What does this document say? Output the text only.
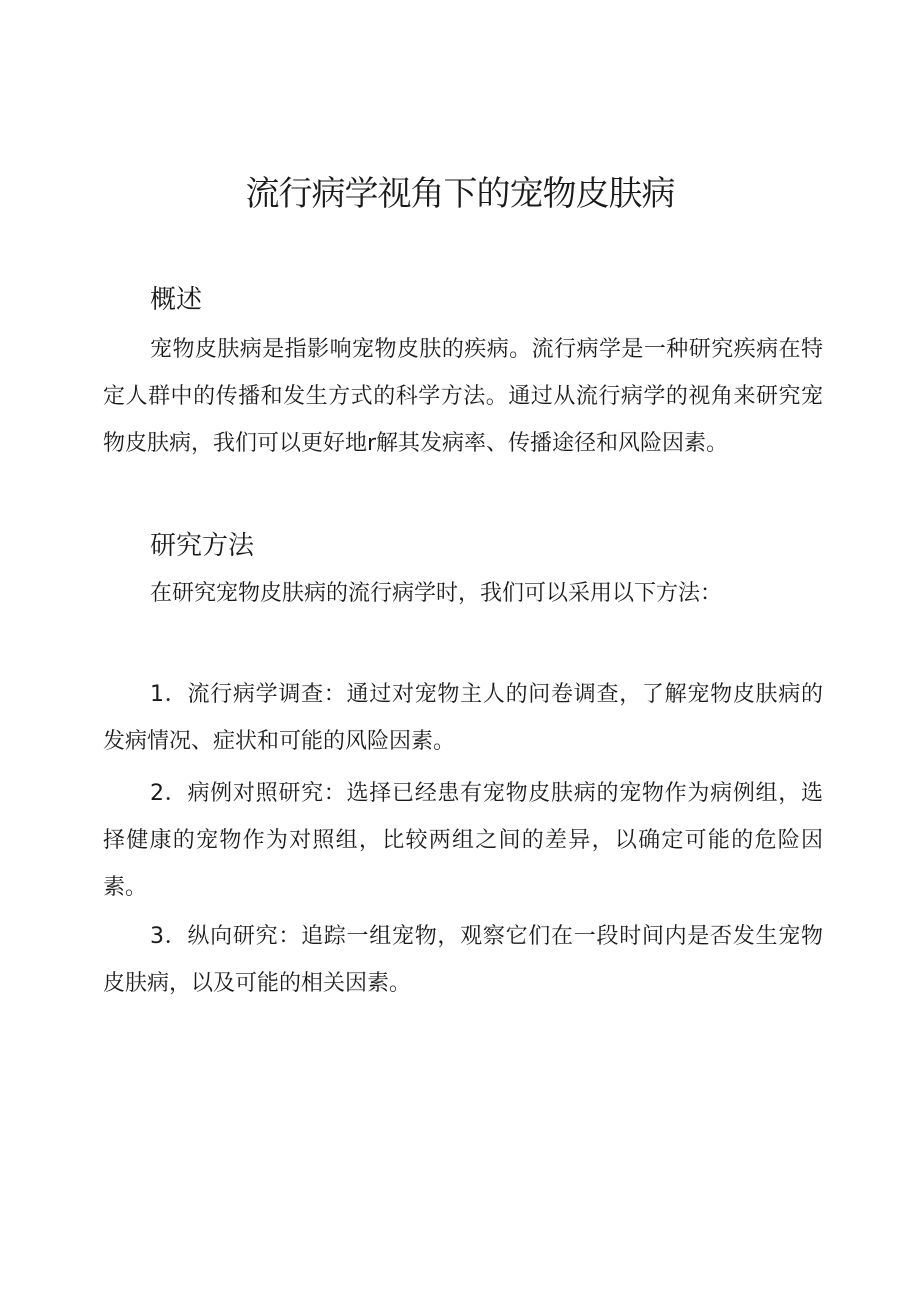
流行病学视角下的宠物皮肤病
概述

宠物皮肤病是指影响宠物皮肤的疾病。流行病学是一种研究疾病在特定人群中的传播和发生方式的科学方法。通过从流行病学的视角来研究宠物皮肤病，我们可以更好地r解其发病率、传播途径和风险因素。

研究方法

在研究宠物皮肤病的流行病学时，我们可以采用以下方法：

1．流行病学调查：通过对宠物主人的问卷调查，了解宠物皮肤病的发病情况、症状和可能的风险因素。

2．病例对照研究：选择已经患有宠物皮肤病的宠物作为病例组，选择健康的宠物作为对照组，比较两组之间的差异，以确定可能的危险因素。

3．纵向研究：追踪一组宠物，观察它们在一段时间内是否发生宠物皮肤病，以及可能的相关因素。
